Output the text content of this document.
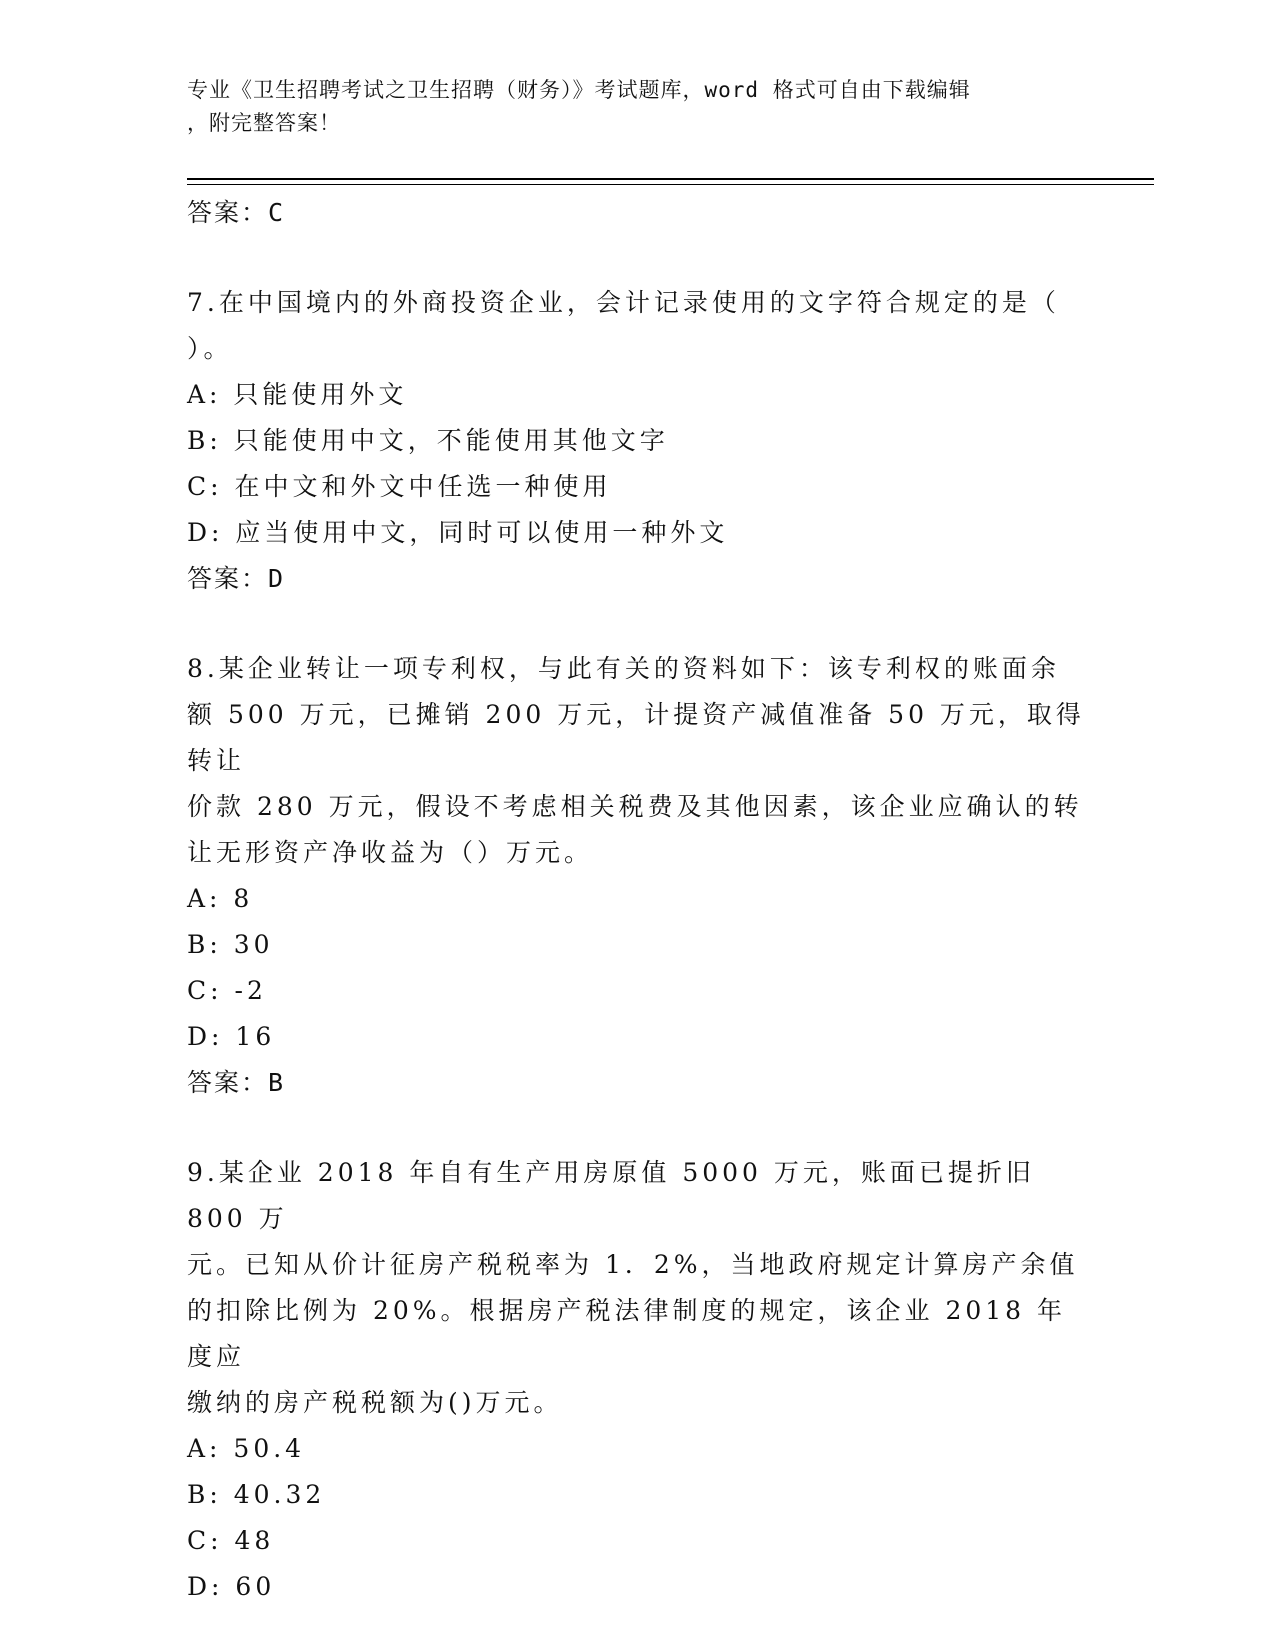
专业《卫生招聘考试之卫生招聘（财务）》考试题库，word 格式可自由下载编辑
，附完整答案！
答案：C
7.在中国境内的外商投资企业，会计记录使用的文字符合规定的是（
）。
A: 只能使用外文
B: 只能使用中文，不能使用其他文字
C: 在中文和外文中任选一种使用
D: 应当使用中文，同时可以使用一种外文
答案：D
8.某企业转让一项专利权，与此有关的资料如下：该专利权的账面余
额 500 万元，已摊销 200 万元，计提资产减值准备 50 万元，取得转让
价款 280 万元，假设不考虑相关税费及其他因素，该企业应确认的转
让无形资产净收益为（）万元。
A: 8
B: 30
C: -2
D: 16
答案：B
9.某企业 2018 年自有生产用房原值 5000 万元，账面已提折旧 800 万
元。已知从价计征房产税税率为 1．2%，当地政府规定计算房产余值
的扣除比例为 20%。根据房产税法律制度的规定，该企业 2018 年度应
缴纳的房产税税额为()万元。
A: 50.4
B: 40.32
C: 48
D: 60
